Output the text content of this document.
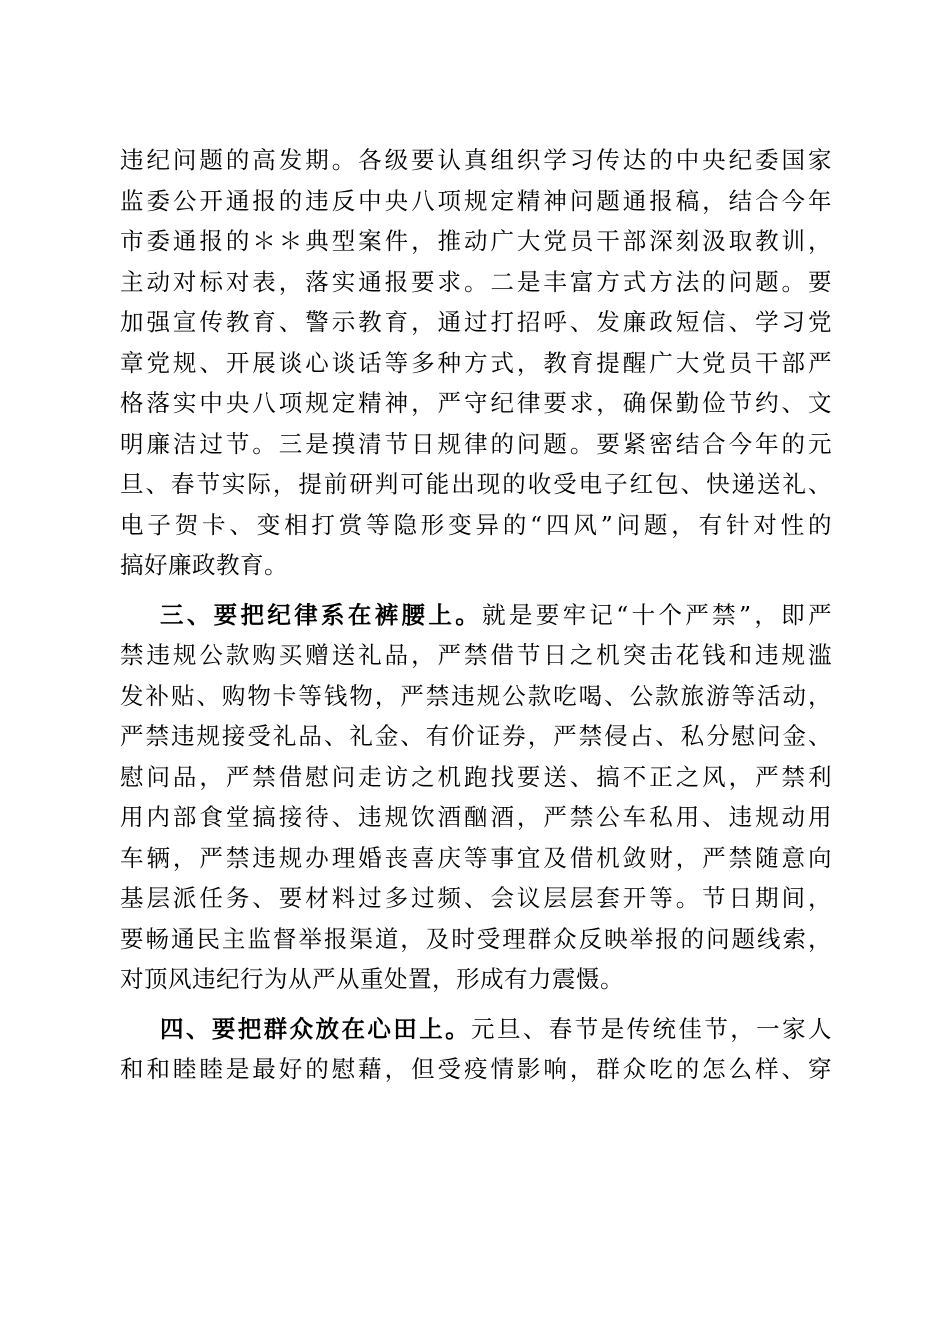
违纪问题的高发期。各级要认真组织学习传达的中央纪委国家
监委公开通报的违反中央八项规定精神问题通报稿，结合今年
市委通报的＊＊典型案件，推动广大党员干部深刻汲取教训，
主动对标对表，落实通报要求。二是丰富方式方法的问题。要
加强宣传教育、警示教育，通过打招呼、发廉政短信、学习党
章党规、开展谈心谈话等多种方式，教育提醒广大党员干部严
格落实中央八项规定精神，严守纪律要求，确保勤俭节约、文
明廉洁过节。三是摸清节日规律的问题。要紧密结合今年的元
旦、春节实际，提前研判可能出现的收受电子红包、快递送礼、
电子贺卡、变相打赏等隐形变异的“四风”问题，有针对性的
搞好廉政教育。
三、要把纪律系在裤腰上。就是要牢记“十个严禁”，即严
禁违规公款购买赠送礼品，严禁借节日之机突击花钱和违规滥
发补贴、购物卡等钱物，严禁违规公款吃喝、公款旅游等活动，
严禁违规接受礼品、礼金、有价证券，严禁侵占、私分慰问金、
慰问品，严禁借慰问走访之机跑找要送、搞不正之风，严禁利
用内部食堂搞接待、违规饮酒酗酒，严禁公车私用、违规动用
车辆，严禁违规办理婚丧喜庆等事宜及借机敛财，严禁随意向
基层派任务、要材料过多过频、会议层层套开等。节日期间，
要畅通民主监督举报渠道，及时受理群众反映举报的问题线索，
对顶风违纪行为从严从重处置，形成有力震慑。
四、要把群众放在心田上。元旦、春节是传统佳节，一家人
和和睦睦是最好的慰藉，但受疫情影响，群众吃的怎么样、穿
